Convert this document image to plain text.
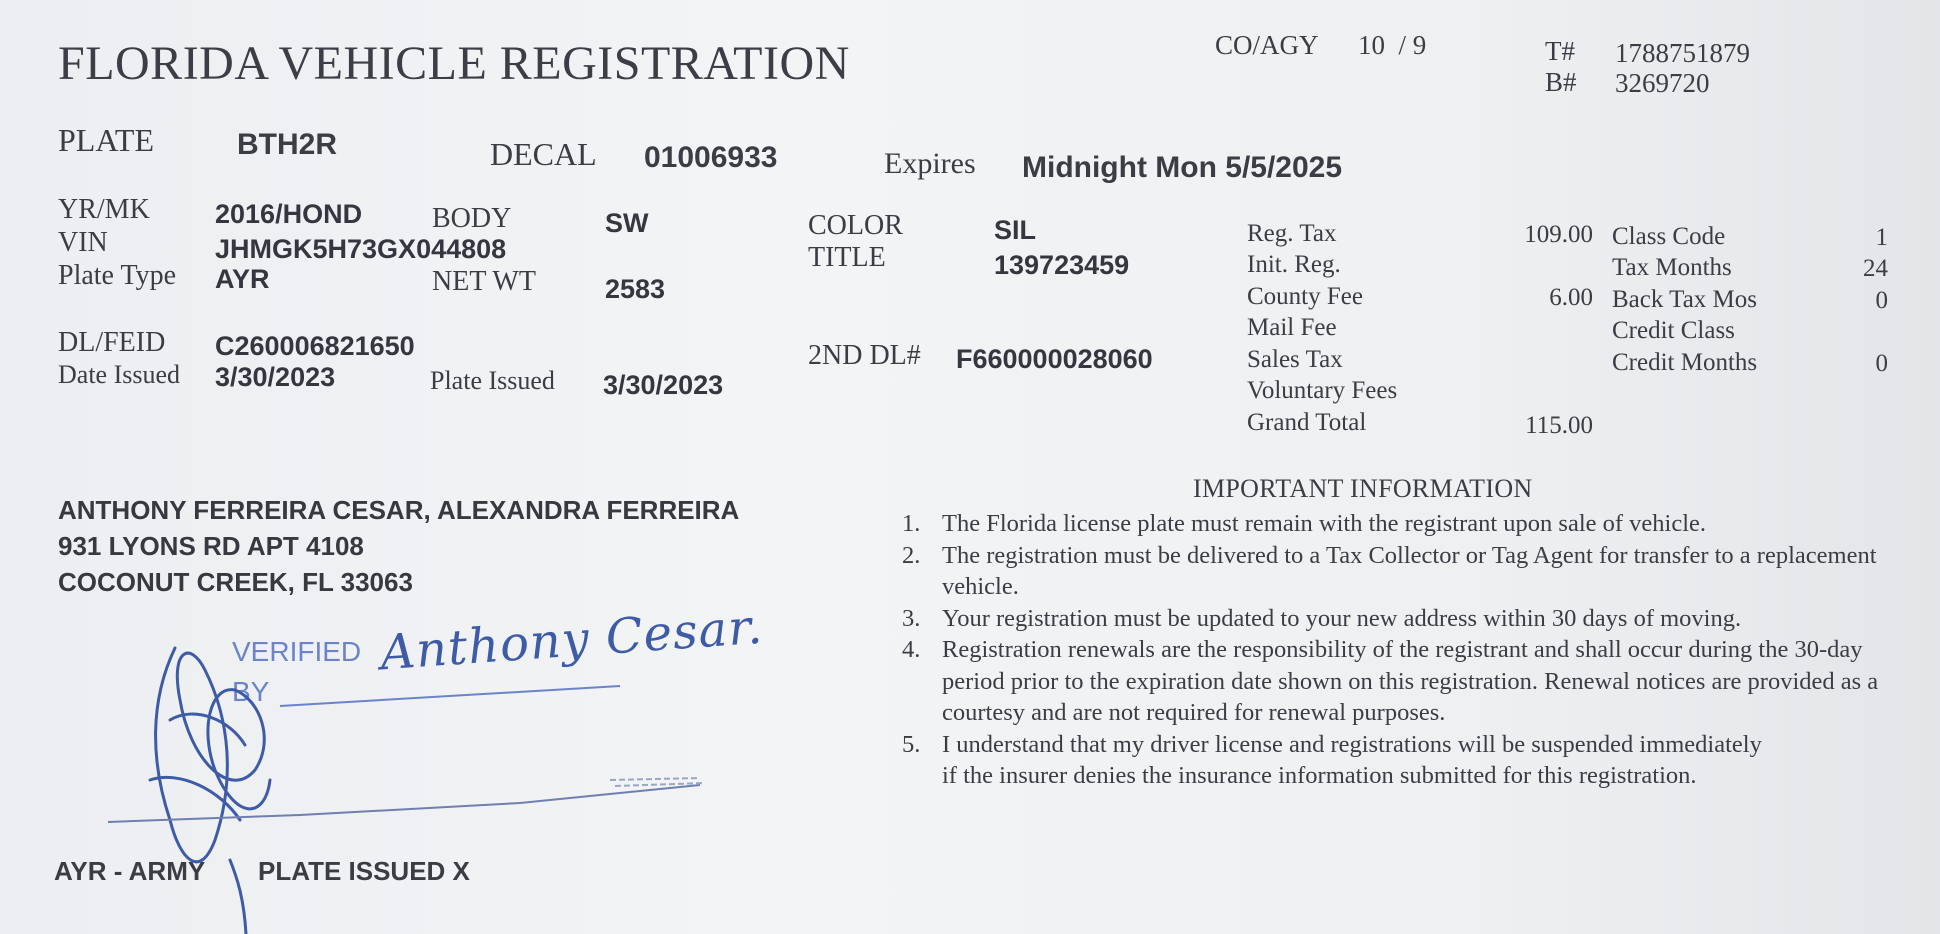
FLORIDA VEHICLE REGISTRATION	CO/AGY 10  / 9	T# 1788751879
B# 3269720
PLATE	BTH2R	DECAL 01006933	Expires Midnight Mon 5/5/2025
YR/MK 2016/HOND BODY	SW
VIN	JHMGK5H73GX044808
Plate Type AYR	NET WT	2583
COLOR	SIL
TITLE	139723459
DL/FEID C260006821650
Date Issued 3/30/2023	Plate Issued 3/30/2023
2ND DL# F660000028060
Reg. Tax	109.00
Init. Reg.
County Fee	6.00
Mail Fee
Sales Tax
Voluntary Fees
Grand Total	115.00
Class Code	1
Tax Months	24
Back Tax Mos	0
Credit Class
Credit Months	0
ANTHONY FERREIRA CESAR, ALEXANDRA FERREIRA
931 LYONS RD APT 4108
COCONUT CREEK, FL 33063
IMPORTANT INFORMATION
1. The Florida license plate must remain with the registrant upon sale of vehicle.
2. The registration must be delivered to a Tax Collector or Tag Agent for transfer to a replacement vehicle.
3. Your registration must be updated to your new address within 30 days of moving.
4. Registration renewals are the responsibility of the registrant and shall occur during the 30-day period prior to the expiration date shown on this registration. Renewal notices are provided as a courtesy and are not required for renewal purposes.
5. I understand that my driver license and registrations will be suspended immediately if the insurer denies the insurance information submitted for this registration.
VERIFIED
BY
Anthony Cesar.
AYR - ARMY PLATE ISSUED X
